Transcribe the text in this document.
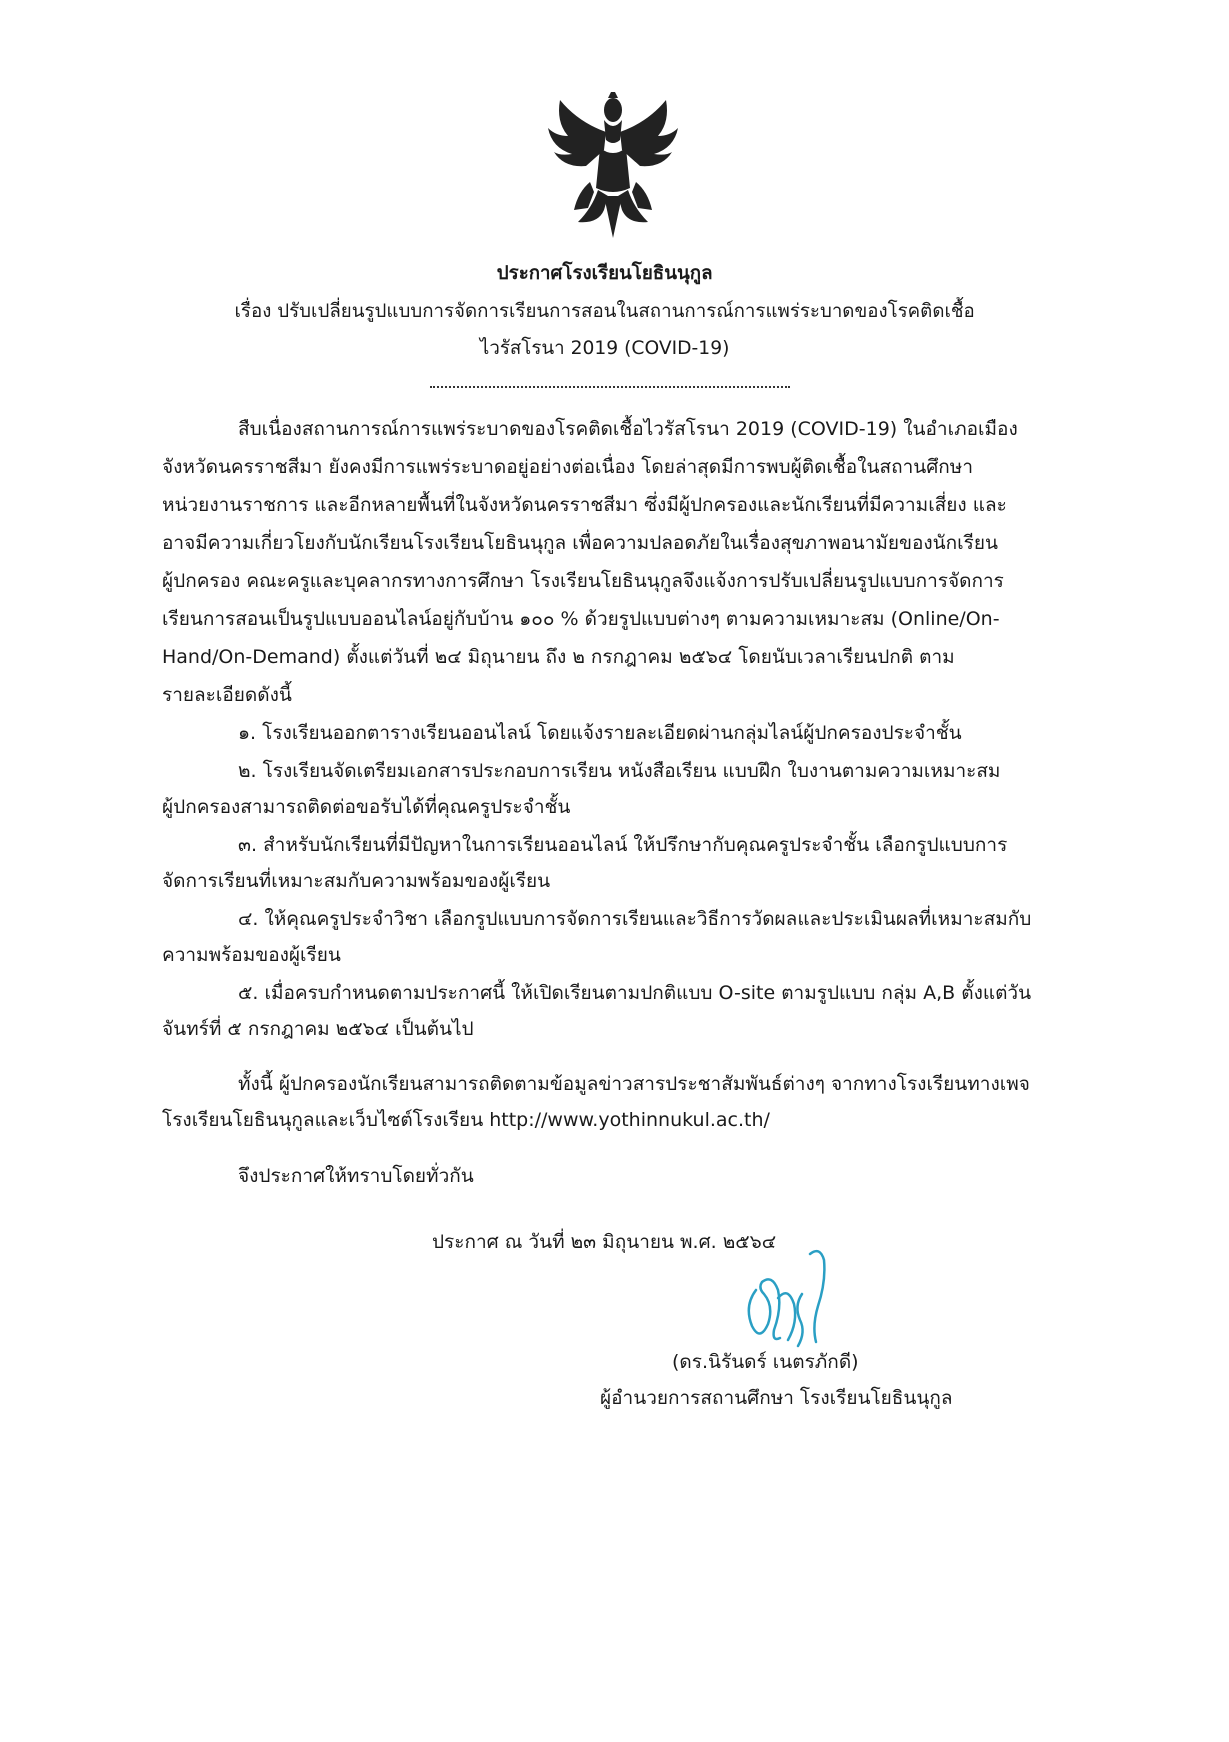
ประกาศโรงเรียนโยธินนุกูล
เรื่อง ปรับเปลี่ยนรูปแบบการจัดการเรียนการสอนในสถานการณ์การแพร่ระบาดของโรคติดเชื้อ
ไวรัสโรนา 2019 (COVID-19)
สืบเนื่องสถานการณ์การแพร่ระบาดของโรคติดเชื้อไวรัสโรนา 2019 (COVID-19) ในอำเภอเมือง
จังหวัดนครราชสีมา ยังคงมีการแพร่ระบาดอยู่อย่างต่อเนื่อง โดยล่าสุดมีการพบผู้ติดเชื้อในสถานศึกษา
หน่วยงานราชการ และอีกหลายพื้นที่ในจังหวัดนครราชสีมา ซึ่งมีผู้ปกครองและนักเรียนที่มีความเสี่ยง และ
อาจมีความเกี่ยวโยงกับนักเรียนโรงเรียนโยธินนุกูล เพื่อความปลอดภัยในเรื่องสุขภาพอนามัยของนักเรียน
ผู้ปกครอง คณะครูและบุคลากรทางการศึกษา โรงเรียนโยธินนุกูลจึงแจ้งการปรับเปลี่ยนรูปแบบการจัดการ
เรียนการสอนเป็นรูปแบบออนไลน์อยู่กับบ้าน ๑๐๐ % ด้วยรูปแบบต่างๆ ตามความเหมาะสม (Online/On-
Hand/On-Demand) ตั้งแต่วันที่ ๒๔ มิถุนายน ถึง ๒ กรกฎาคม ๒๕๖๔ โดยนับเวลาเรียนปกติ ตาม
รายละเอียดดังนี้
๑. โรงเรียนออกตารางเรียนออนไลน์ โดยแจ้งรายละเอียดผ่านกลุ่มไลน์ผู้ปกครองประจำชั้น
๒. โรงเรียนจัดเตรียมเอกสารประกอบการเรียน หนังสือเรียน แบบฝึก ใบงานตามความเหมาะสม
ผู้ปกครองสามารถติดต่อขอรับได้ที่คุณครูประจำชั้น
๓. สำหรับนักเรียนที่มีปัญหาในการเรียนออนไลน์ ให้ปรึกษากับคุณครูประจำชั้น เลือกรูปแบบการ
จัดการเรียนที่เหมาะสมกับความพร้อมของผู้เรียน
๔. ให้คุณครูประจำวิชา เลือกรูปแบบการจัดการเรียนและวิธีการวัดผลและประเมินผลที่เหมาะสมกับ
ความพร้อมของผู้เรียน
๕. เมื่อครบกำหนดตามประกาศนี้ ให้เปิดเรียนตามปกติแบบ O-site ตามรูปแบบ กลุ่ม A,B ตั้งแต่วัน
จันทร์ที่ ๕ กรกฎาคม ๒๕๖๔ เป็นต้นไป
ทั้งนี้ ผู้ปกครองนักเรียนสามารถติดตามข้อมูลข่าวสารประชาสัมพันธ์ต่างๆ จากทางโรงเรียนทางเพจ
โรงเรียนโยธินนุกูลและเว็บไซต์โรงเรียน http://www.yothinnukul.ac.th/
จึงประกาศให้ทราบโดยทั่วกัน
ประกาศ ณ วันที่ ๒๓ มิถุนายน พ.ศ. ๒๕๖๔
(ดร.นิรันดร์ เนตรภักดี)
ผู้อำนวยการสถานศึกษา โรงเรียนโยธินนุกูล
